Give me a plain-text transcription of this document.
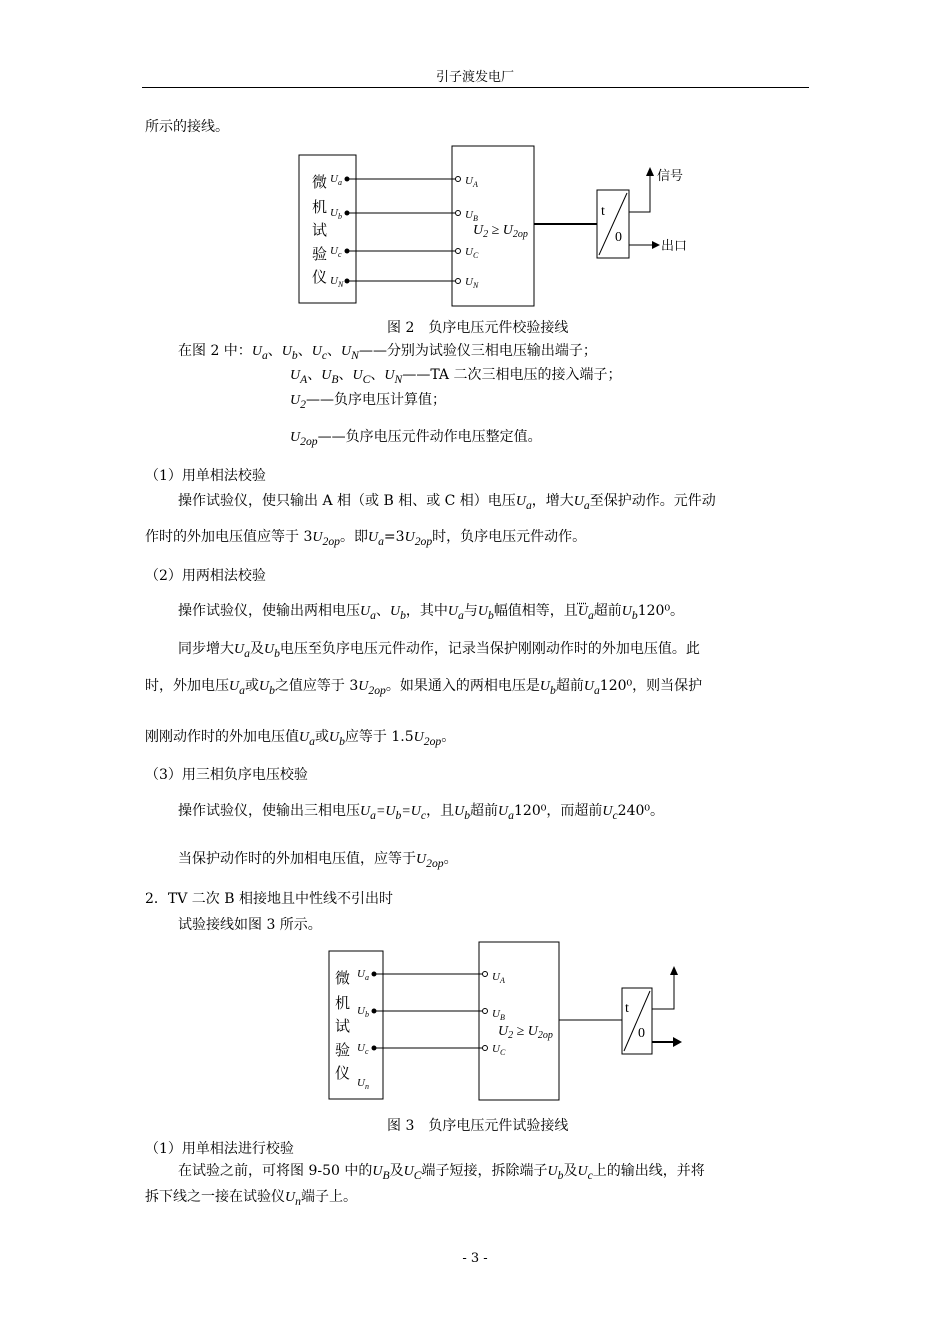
引子渡发电厂
所示的接线。
微
机
试
验
仪
$U_a$
$U_b$
$U_c$
$U_N$
$U_A$
$U_B$
$U_C$
$U_N$
$U_2 \ge U_{2op}$
t
0
信号
出口
图 2　负序电压元件校验接线
在图 2 中：$U_a$、$U_b$、$U_c$、$U_N——$分别为试验仪三相电压输出端子；
$U_A$、$U_B$、$U_C$、$U_N——TA$ 二次三相电压的接入端子；
$U_2——$负序电压计算值；
$U_{2op}——$负序电压元件动作电压整定值。
（1）用单相法校验
操作试验仪，使只输出 A 相（或 B 相、或 C 相）电压$U_a$，增大$U_a$至保护动作。元件动
作时的外加电压值应等于 $3U_{2op}$。即$U_a=3U_{2op}$时，负序电压元件动作。
（2）用两相法校验
操作试验仪，使输出两相电压$U_a$、$U_b$，其中$U_a$与$U_b$幅值相等，且$U_a$超前$U_b120^0$。
同步增大$U_a$及$U_b$电压至负序电压元件动作，记录当保护刚刚动作时的外加电压值。此
时，外加电压$U_a$或$U_b$之值应等于 $3U_{2op}$。如果通入的两相电压是$U_b$超前$U_a120^0$，则当保护
刚刚动作时的外加电压值$U_a$或$U_b$应等于 $1.5U_{2op}$。
（3）用三相负序电压校验
操作试验仪，使输出三相电压$U_a=U_b=U_c$，且$U_b$超前$U_a120^0$，而超前$U_c240^0$。
当保护动作时的外加相电压值，应等于$U_{2op}$。
2．TV 二次 B 相接地且中性线不引出时
试验接线如图 3 所示。
微
机
试
验
仪
$U_a$
$U_b$
$U_c$
$U_n$
$U_A$
$U_B$
$U_C$
$U_2 \ge U_{2op}$
t
0
图 3　负序电压元件试验接线
（1）用单相法进行校验
在试验之前，可将图 9-50 中的$U_B$及$U_C$端子短接，拆除端子$U_b$及$U_c$上的输出线，并将
拆下线之一接在试验仪$U_n$端子上。
- 3 -
